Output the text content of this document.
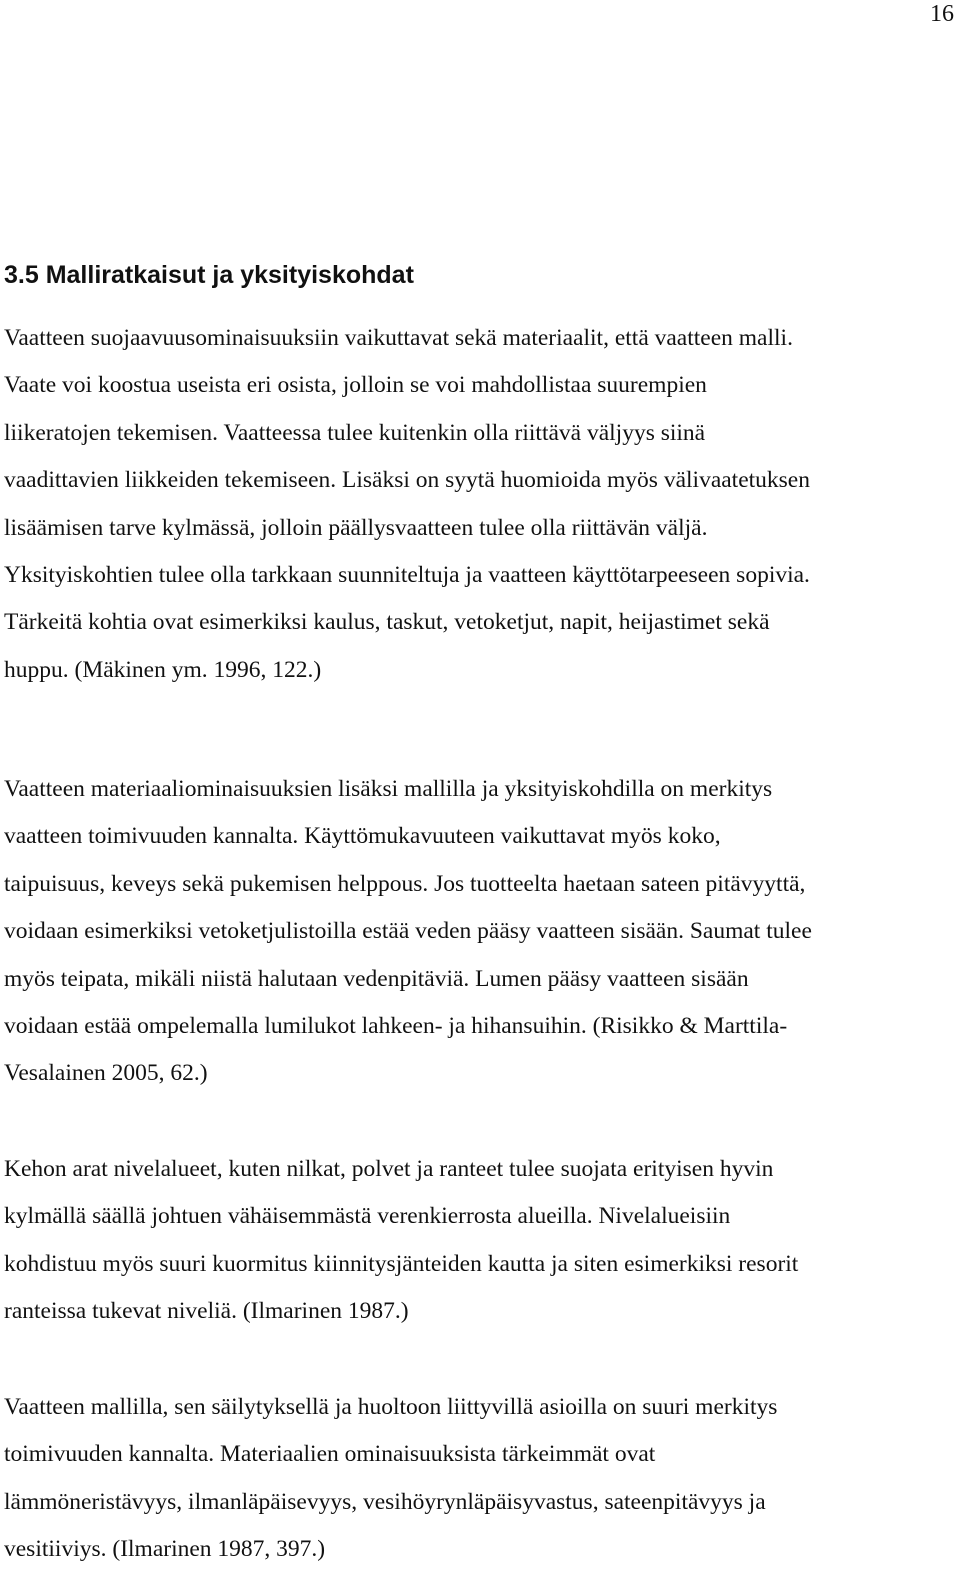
16
3.5 Malliratkaisut ja yksityiskohdat

Vaatteen suojaavuusominaisuuksiin vaikuttavat sekä materiaalit, että vaatteen malli.
Vaate voi koostua useista eri osista, jolloin se voi mahdollistaa suurempien
liikeratojen tekemisen. Vaatteessa tulee kuitenkin olla riittävä väljyys siinä
vaadittavien liikkeiden tekemiseen. Lisäksi on syytä huomioida myös välivaatetuksen
lisäämisen tarve kylmässä, jolloin päällysvaatteen tulee olla riittävän väljä.
Yksityiskohtien tulee olla tarkkaan suunniteltuja ja vaatteen käyttötarpeeseen sopivia.
Tärkeitä kohtia ovat esimerkiksi kaulus, taskut, vetoketjut, napit, heijastimet sekä
huppu. (Mäkinen ym. 1996, 122.)

Vaatteen materiaaliominaisuuksien lisäksi mallilla ja yksityiskohdilla on merkitys
vaatteen toimivuuden kannalta. Käyttömukavuuteen vaikuttavat myös koko,
taipuisuus, keveys sekä pukemisen helppous. Jos tuotteelta haetaan sateen pitävyyttä,
voidaan esimerkiksi vetoketjulistoilla estää veden pääsy vaatteen sisään. Saumat tulee
myös teipata, mikäli niistä halutaan vedenpitäviä. Lumen pääsy vaatteen sisään
voidaan estää ompelemalla lumilukot lahkeen- ja hihansuihin. (Risikko & Marttila-
Vesalainen 2005, 62.)

Kehon arat nivelalueet, kuten nilkat, polvet ja ranteet tulee suojata erityisen hyvin
kylmällä säällä johtuen vähäisemmästä verenkierrosta alueilla. Nivelalueisiin
kohdistuu myös suuri kuormitus kiinnitysjänteiden kautta ja siten esimerkiksi resorit
ranteissa tukevat niveliä. (Ilmarinen 1987.)

Vaatteen mallilla, sen säilytyksellä ja huoltoon liittyvillä asioilla on suuri merkitys
toimivuuden kannalta. Materiaalien ominaisuuksista tärkeimmät ovat
lämmöneristävyys, ilmanläpäisevyys, vesihöyrynläpäisyvastus, sateenpitävyys ja
vesitiiviys. (Ilmarinen 1987, 397.)
